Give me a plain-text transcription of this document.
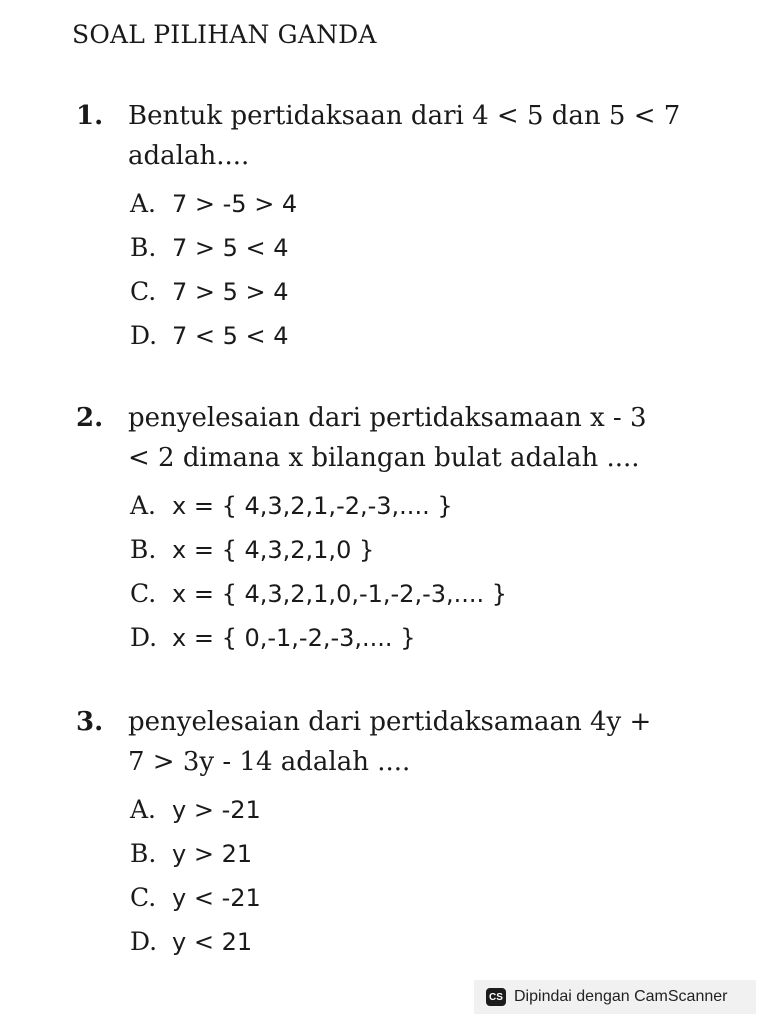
SOAL PILIHAN GANDA
1. Bentuk pertidaksaan dari 4 < 5 dan 5 < 7
adalah....
A. 7 > -5 > 4
B. 7 > 5 < 4
C. 7 > 5 > 4
D. 7 < 5 < 4
2. penyelesaian dari pertidaksamaan x - 3
< 2 dimana x bilangan bulat adalah ....
A. x = { 4,3,2,1,-2,-3,.... }
B. x = { 4,3,2,1,0 }
C. x = { 4,3,2,1,0,-1,-2,-3,.... }
D. x = { 0,-1,-2,-3,.... }
3. penyelesaian dari pertidaksamaan 4y +
7 > 3y - 14 adalah ....
A. y > -21
B. y > 21
C. y < -21
D. y < 21
CS Dipindai dengan CamScanner
